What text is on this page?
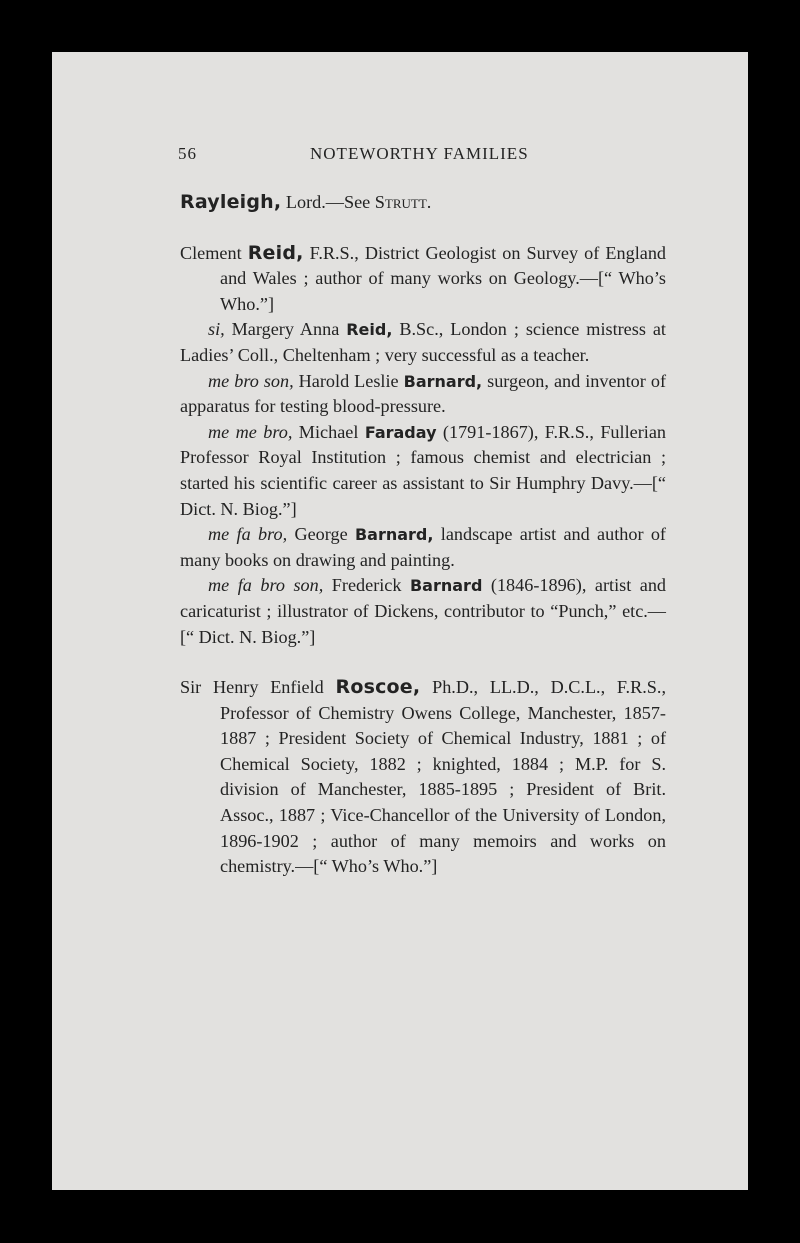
56	NOTEWORTHY FAMILIES

Rayleigh, Lord.—See Strutt.

Clement Reid, F.R.S., District Geologist on Survey of England and Wales ; author of many works on Geology.—[“ Who’s Who.”]

si, Margery Anna Reid, B.Sc., London ; science mistress at Ladies’ Coll., Cheltenham ; very successful as a teacher.

me bro son, Harold Leslie Barnard, surgeon, and inventor of apparatus for testing blood-pressure.

me me bro, Michael Faraday (1791-1867), F.R.S., Fullerian Professor Royal Institution ; famous chemist and electrician ; started his scientific career as assistant to Sir Humphry Davy.—[“ Dict. N. Biog.”]

me fa bro, George Barnard, landscape artist and author of many books on drawing and painting.

me fa bro son, Frederick Barnard (1846-1896), artist and caricaturist ; illustrator of Dickens, contributor to “Punch,” etc.—[“ Dict. N. Biog.”]

Sir Henry Enfield Roscoe, Ph.D., LL.D., D.C.L., F.R.S., Professor of Chemistry Owens College, Manchester, 1857-1887 ; President Society of Chemical Industry, 1881 ; of Chemical Society, 1882 ; knighted, 1884 ; M.P. for S. division of Manchester, 1885-1895 ; President of Brit. Assoc., 1887 ; Vice-Chancellor of the University of London, 1896-1902 ; author of many memoirs and works on chemistry.—[“ Who’s Who.”]
